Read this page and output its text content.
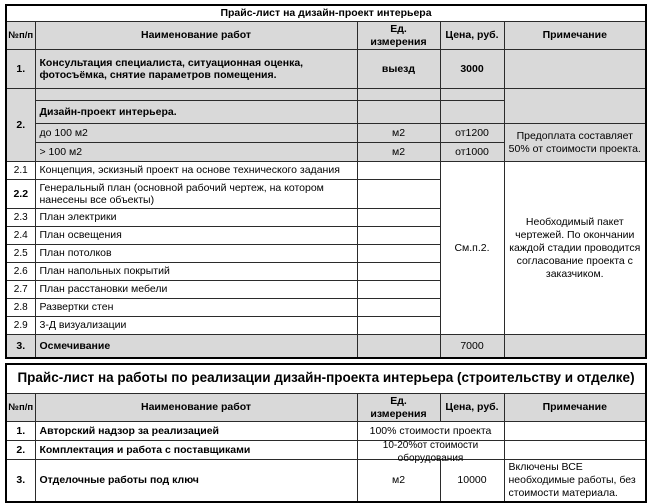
Прайс-лист на дизайн-проект интерьера				
№п/п	Наименование работ	Ед. измерения	Цена, руб.	Примечание
1.	Консультация специалиста, ситуационная оценка, фотосъёмка, снятие параметров помещения.	выезд	3000	
2.				
	Дизайн-проект интерьера.			
	до 100 м2	м2	от1200	Предоплата составляет 50% от стоимости проекта.
	> 100 м2	м2	от1000	
2.1	Концепция, эскизный проект на основе технического задания		См.п.2.	Необходимый пакет чертежей. По окончании каждой стадии проводится согласование проекта с заказчиком.
2.2	Генеральный план (основной рабочий чертеж, на котором нанесены все объекты)			
2.3	План электрики			
2.4	План освещения			
2.5	План потолков			
2.6	План напольных покрытий			
2.7	План расстановки мебели			
2.8	Развертки стен			
2.9	3-Д визуализации			
3.	Осмечивание		7000	
Прайс-лист на работы по реализации дизайн-проекта интерьера (строительству и отделке)				
№п/п	Наименование работ	Ед. измерения	Цена, руб.	Примечание
1.	Авторский надзор за реализацией	100% стоимости проекта		
2.	Комплектация и работа с поставщиками	10-20%от стоимости оборудования		

3.	Отделочные работы под ключ	м2	10000	Включены ВСЕ необходимые работы, без стоимости материала.
